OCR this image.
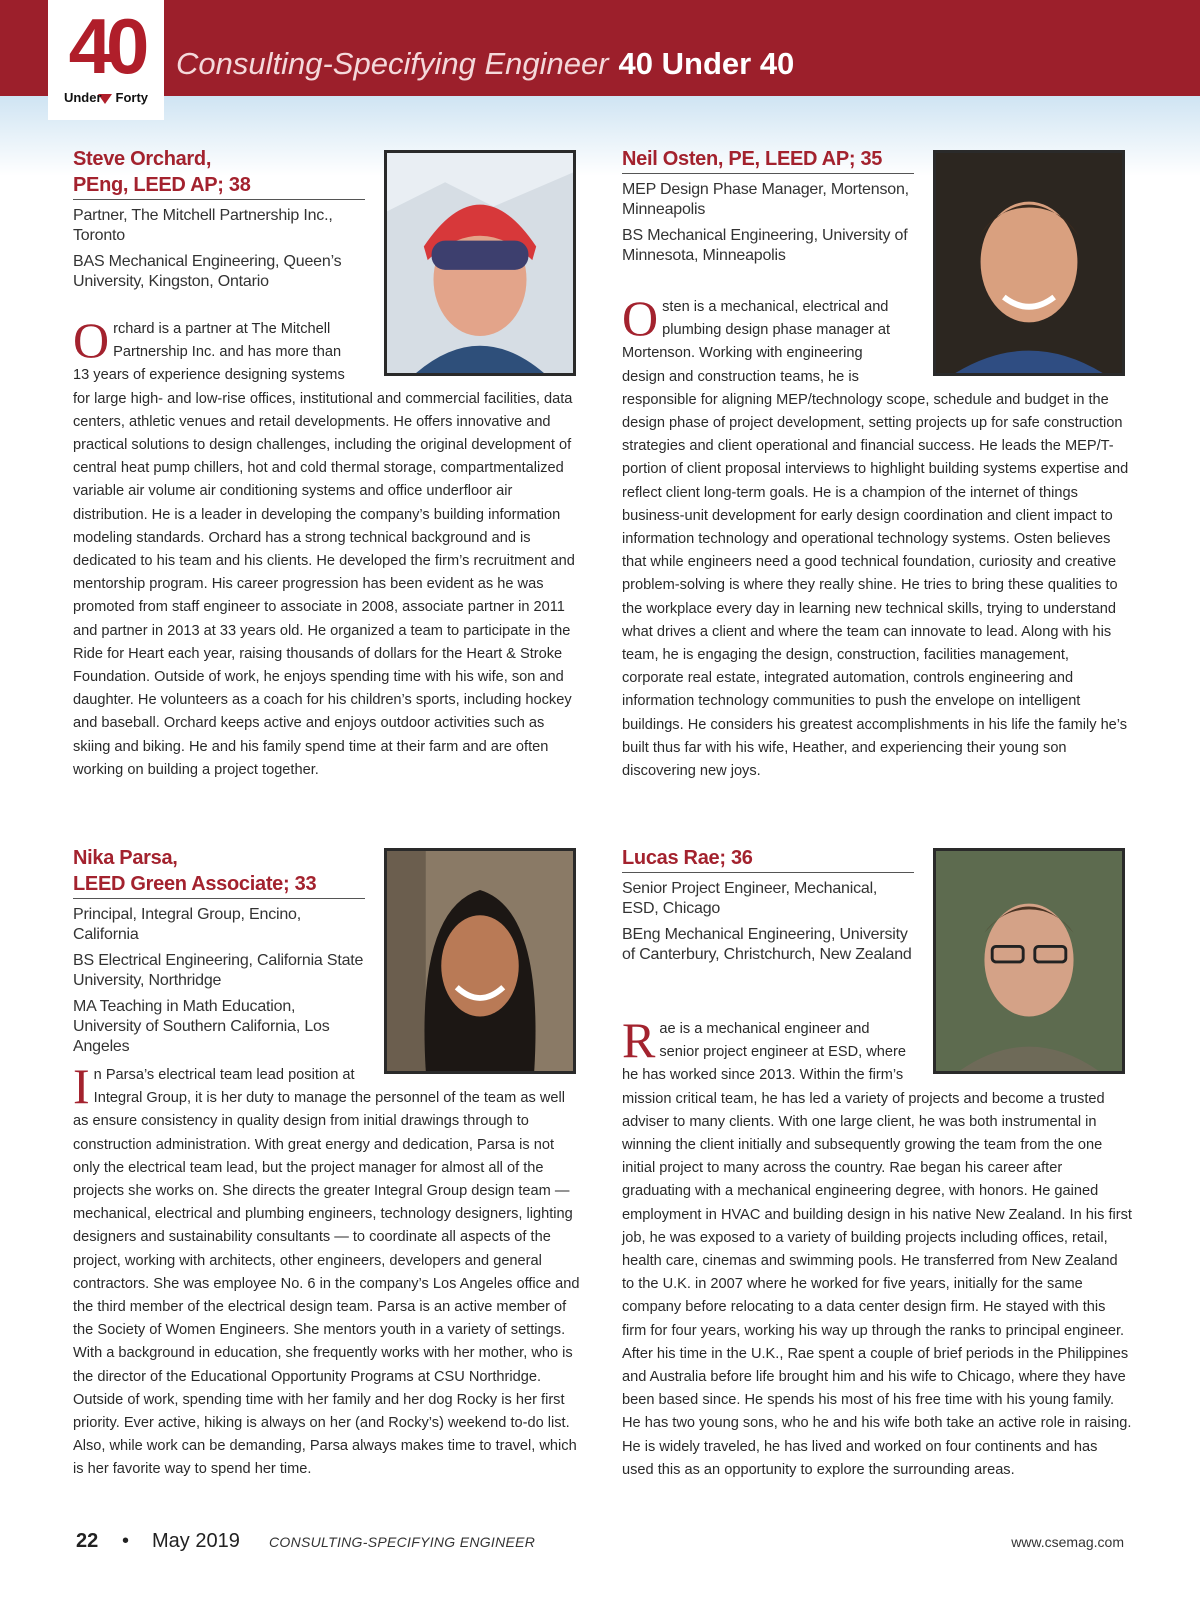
40
Under Forty
Consulting-Specifying Engineer 40 Under 40
Steve Orchard,
PEng, LEED AP; 38

Partner, The Mitchell Partnership Inc., Toronto

BAS Mechanical Engineering, Queen’s University, Kingston, Ontario

Orchard is a partner at The Mitchell Partnership Inc. and has more than 13 years of experience designing systems for large high- and low-rise offices, institutional and commercial facilities, data centers, athletic venues and retail developments. He offers innovative and practical solutions to design challenges, including the original development of central heat pump chillers, hot and cold thermal storage, compartmentalized variable air volume air conditioning systems and office underfloor air distribution. He is a leader in developing the company’s building information modeling standards. Orchard has a strong technical background and is dedicated to his team and his clients. He developed the firm’s recruitment and mentorship program. His career progression has been evident as he was promoted from staff engineer to associate in 2008, associate partner in 2011 and partner in 2013 at 33 years old. He organized a team to participate in the Ride for Heart each year, raising thousands of dollars for the Heart & Stroke Foundation. Outside of work, he enjoys spending time with his wife, son and daughter. He volunteers as a coach for his children’s sports, including hockey and baseball. Orchard keeps active and enjoys outdoor activities such as skiing and biking. He and his family spend time at their farm and are often working on building a project together.
Neil Osten, PE, LEED AP; 35

MEP Design Phase Manager, Mortenson, Minneapolis

BS Mechanical Engineering, University of Minnesota, Minneapolis

Osten is a mechanical, electrical and plumbing design phase manager at Mortenson. Working with engineering design and construction teams, he is responsible for aligning MEP/technology scope, schedule and budget in the design phase of project development, setting projects up for safe construction strategies and client operational and financial success. He leads the MEP/T-portion of client proposal interviews to highlight building systems expertise and reflect client long-term goals. He is a champion of the internet of things business-unit development for early design coordination and client impact to information technology and operational technology systems. Osten believes that while engineers need a good technical foundation, curiosity and creative problem-solving is where they really shine. He tries to bring these qualities to the workplace every day in learning new technical skills, trying to understand what drives a client and where the team can innovate to lead. Along with his team, he is engaging the design, construction, facilities management, corporate real estate, integrated automation, controls engineering and information technology communities to push the envelope on intelligent buildings. He considers his greatest accomplishments in his life the family he’s built thus far with his wife, Heather, and experiencing their young son discovering new joys.
Nika Parsa,
LEED Green Associate; 33

Principal, Integral Group, Encino, California

BS Electrical Engineering, California State University, Northridge

MA Teaching in Math Education, University of Southern California, Los Angeles

In Parsa’s electrical team lead position at Integral Group, it is her duty to manage the personnel of the team as well as ensure consistency in quality design from initial drawings through to construction administration. With great energy and dedication, Parsa is not only the electrical team lead, but the project manager for almost all of the projects she works on. She directs the greater Integral Group design team — mechanical, electrical and plumbing engineers, technology designers, lighting designers and sustainability consultants — to coordinate all aspects of the project, working with architects, other engineers, developers and general contractors. She was employee No. 6 in the company’s Los Angeles office and the third member of the electrical design team. Parsa is an active member of the Society of Women Engineers. She mentors youth in a variety of settings. With a background in education, she frequently works with her mother, who is the director of the Educational Opportunity Programs at CSU Northridge. Outside of work, spending time with her family and her dog Rocky is her first priority. Ever active, hiking is always on her (and Rocky’s) weekend to-do list. Also, while work can be demanding, Parsa always makes time to travel, which is her favorite way to spend her time.
Lucas Rae; 36

Senior Project Engineer, Mechanical, ESD, Chicago

BEng Mechanical Engineering, University of Canterbury, Christchurch, New Zealand

Rae is a mechanical engineer and senior project engineer at ESD, where he has worked since 2013. Within the firm’s mission critical team, he has led a variety of projects and become a trusted adviser to many clients. With one large client, he was both instrumental in winning the client initially and subsequently growing the team from the one initial project to many across the country. Rae began his career after graduating with a mechanical engineering degree, with honors. He gained employment in HVAC and building design in his native New Zealand. In his first job, he was exposed to a variety of building projects including offices, retail, health care, cinemas and swimming pools. He transferred from New Zealand to the U.K. in 2007 where he worked for five years, initially for the same company before relocating to a data center design firm. He stayed with this firm for four years, working his way up through the ranks to principal engineer. After his time in the U.K., Rae spent a couple of brief periods in the Philippines and Australia before life brought him and his wife to Chicago, where they have been based since. He spends his most of his free time with his young family. He has two young sons, who he and his wife both take an active role in raising. He is widely traveled, he has lived and worked on four continents and has used this as an opportunity to explore the surrounding areas.
22 • May 2019 CONSULTING-SPECIFYING ENGINEER	www.csemag.com
